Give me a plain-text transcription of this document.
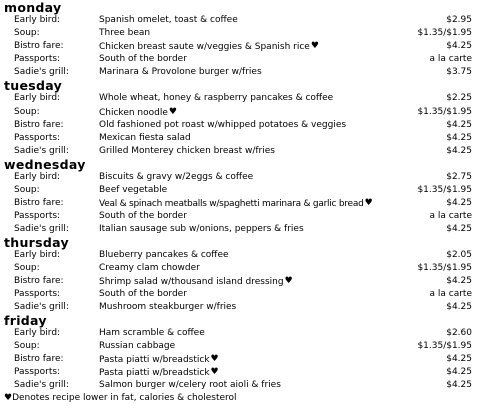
monday
Early bird:	Spanish omelet, toast & coffee	$2.95
Soup:	Three bean	$1.35/$1.95
Bistro fare:	Chicken breast saute w/veggies & Spanish rice♥	$4.25
Passports:	South of the border	a la carte
Sadie's grill:	Marinara & Provolone burger w/fries	$3.75
tuesday
Early bird:	Whole wheat, honey & raspberry pancakes & coffee	$2.25
Soup:	Chicken noodle♥	$1.35/$1.95
Bistro fare:	Old fashioned pot roast w/whipped potatoes & veggies	$4.25
Passports:	Mexican fiesta salad	$4.25
Sadie's grill:	Grilled Monterey chicken breast w/fries	$4.25
wednesday
Early bird:	Biscuits & gravy w/2eggs & coffee	$2.75
Soup:	Beef vegetable	$1.35/$1.95
Bistro fare:	Veal & spinach meatballs w/spaghetti marinara & garlic bread♥	$4.25
Passports:	South of the border	a la carte
Sadie's grill:	Italian sausage sub w/onions, peppers & fries	$4.25
thursday
Early bird:	Blueberry pancakes & coffee	$2.05
Soup:	Creamy clam chowder	$1.35/$1.95
Bistro fare:	Shrimp salad w/thousand island dressing♥	$4.25
Passports:	South of the border	a la carte
Sadie's grill:	Mushroom steakburger w/fries	$4.25
friday
Early bird:	Ham scramble & coffee	$2.60
Soup:	Russian cabbage	$1.35/$1.95
Bistro fare:	Pasta piatti w/breadstick♥	$4.25
Passports:	Pasta piatti w/breadstick♥	$4.25
Sadie's grill:	Salmon burger w/celery root aioli & fries	$4.25
♥Denotes recipe lower in fat, calories & cholesterol
